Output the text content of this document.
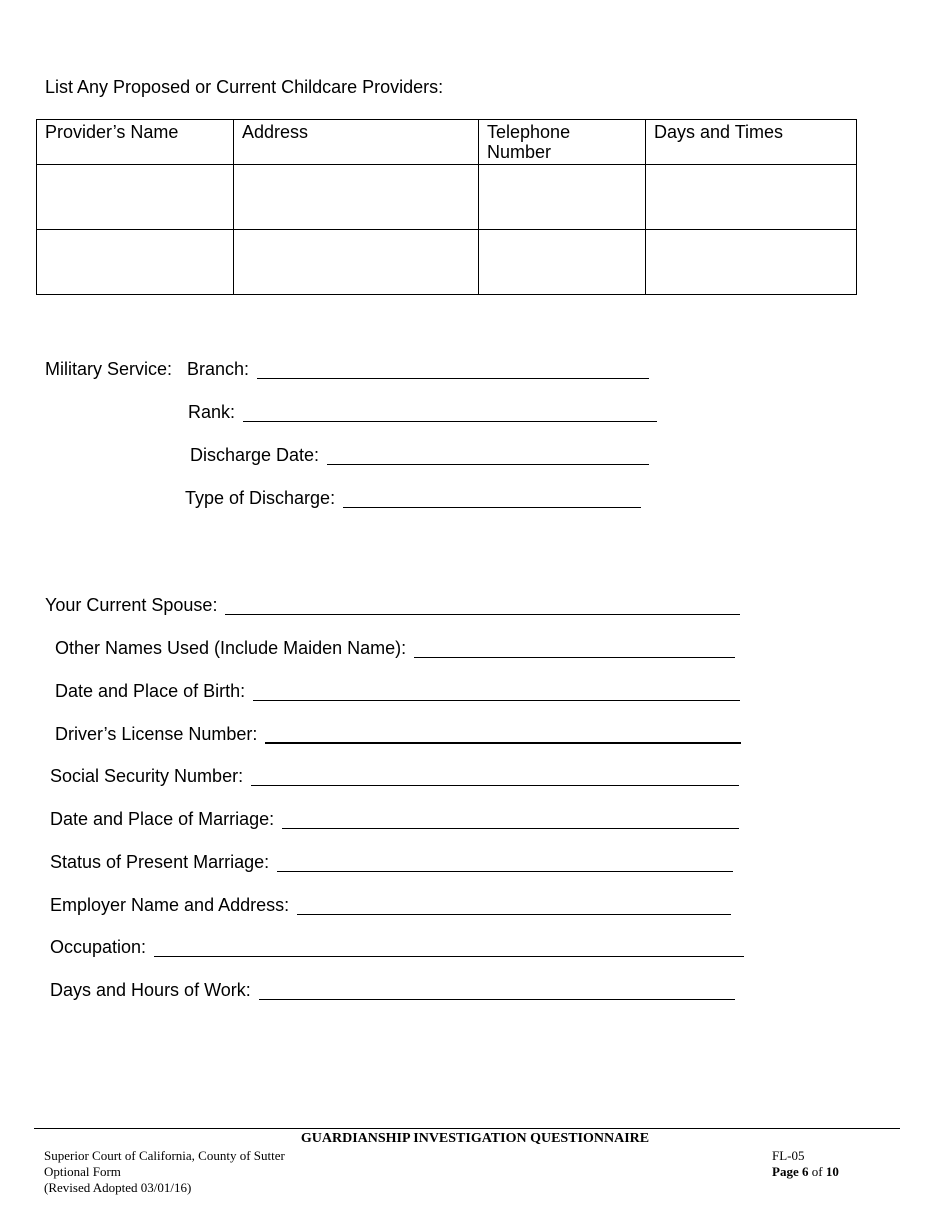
List Any Proposed or Current Childcare Providers:
Provider’s Name	Address	Telephone Number	Days and Times

Military Service: Branch:
Rank:
Discharge Date:
Type of Discharge:
Your Current Spouse:
Other Names Used (Include Maiden Name):
Date and Place of Birth:
Driver’s License Number:
Social Security Number:
Date and Place of Marriage:
Status of Present Marriage:
Employer Name and Address:
Occupation:
Days and Hours of Work:
GUARDIANSHIP INVESTIGATION QUESTIONNAIRE
Superior Court of California, County of Sutter
Optional Form
(Revised Adopted 03/01/16)
FL-05
Page 6 of 10
